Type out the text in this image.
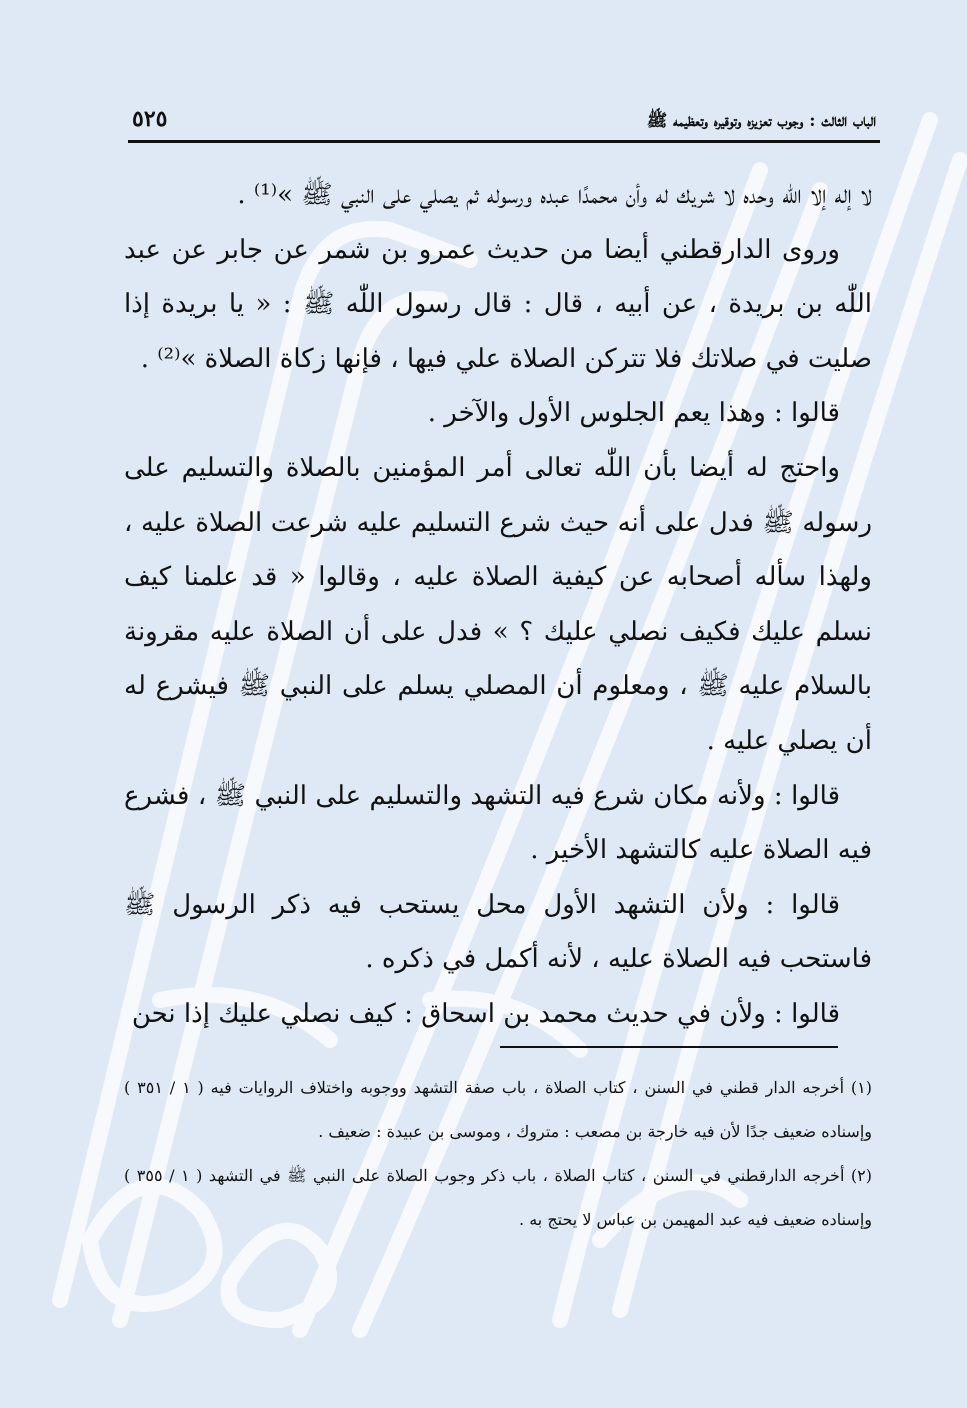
الباب الثالث : وجوب تعزيزه وتوقيره وتعظيمه ﷺ
٥٢٥

لا إله إلا اللّٰه وحده لا شريك له وأن محمدًا عبده ورسوله ثم يصلي على النبي ﷺ »⁽¹⁾ .

وروى الدارقطني أيضا من حديث عمرو بن شمر عن جابر عن عبد اللّٰه بن بريدة ، عن أبيه ، قال : قال رسول اللّٰه ﷺ : « يا بريدة إذا صليت في صلاتك فلا تتركن الصلاة علي فيها ، فإنها زكاة الصلاة »⁽²⁾ .

قالوا : وهذا يعم الجلوس الأول والآخر .

واحتج له أيضا بأن اللّٰه تعالى أمر المؤمنين بالصلاة والتسليم على رسوله ﷺ فدل على أنه حيث شرع التسليم عليه شرعت الصلاة عليه ، ولهذا سأله أصحابه عن كيفية الصلاة عليه ، وقالوا « قد علمنا كيف نسلم عليك فكيف نصلي عليك ؟ » فدل على أن الصلاة عليه مقرونة بالسلام عليه ﷺ ، ومعلوم أن المصلي يسلم على النبي ﷺ فيشرع له أن يصلي عليه .

قالوا : ولأنه مكان شرع فيه التشهد والتسليم على النبي ﷺ ، فشرع فيه الصلاة عليه كالتشهد الأخير .

قالوا : ولأن التشهد الأول محل يستحب فيه ذكر الرسول ﷺ فاستحب فيه الصلاة عليه ، لأنه أكمل في ذكره .

قالوا : ولأن في حديث محمد بن اسحاق : كيف نصلي عليك إذا نحن

(١) أخرجه الدار قطني في السنن ، كتاب الصلاة ، باب صفة التشهد ووجوبه واختلاف الروايات فيه ( ١ / ٣٥١ ) وإسناده ضعيف جدًا لأن فيه خارجة بن مصعب : متروك ، وموسى بن عبيدة : ضعيف .

(٢) أخرجه الدارقطني في السنن ، كتاب الصلاة ، باب ذكر وجوب الصلاة على النبي ﷺ في التشهد ( ١ / ٣٥٥ ) وإسناده ضعيف فيه عبد المهيمن بن عباس لا يحتج به .
